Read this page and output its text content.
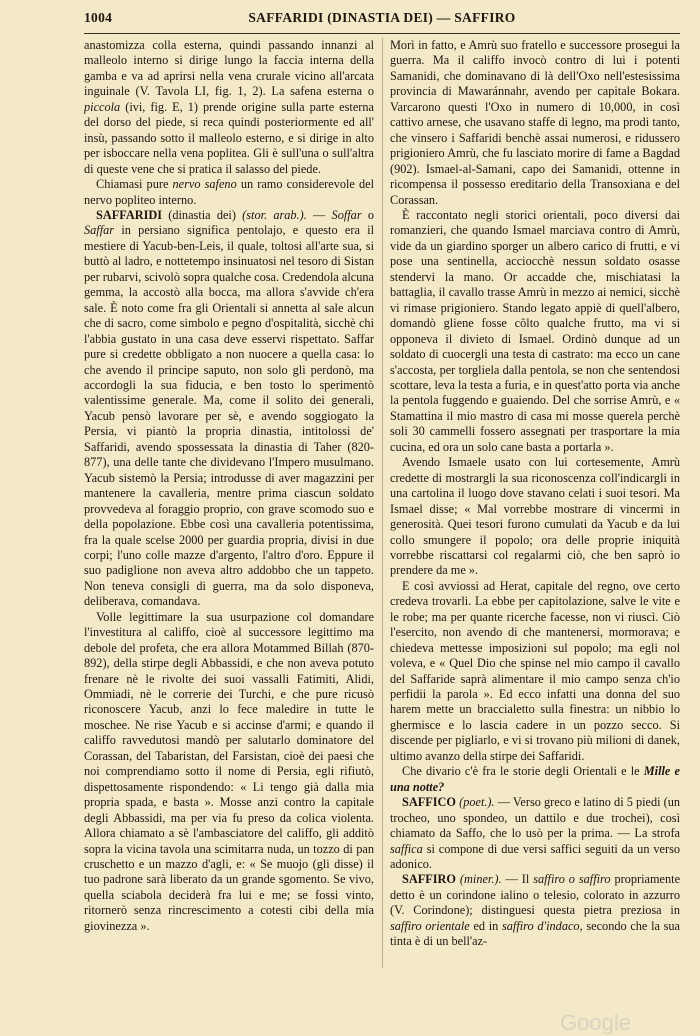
1004	SAFFARIDI (DINASTIA DEI) — SAFFIRO

anastomizza colla esterna, quindi passando innanzi al malleolo interno si dirige lungo la faccia interna della gamba e va ad aprirsi nella vena crurale vicino all'arcata inguinale (V. Tavola LI, fig. 1, 2). La safena esterna o piccola (ivi, fig. E, 1) prende origine sulla parte esterna del dorso del piede, si reca quindi posteriormente ed all' insù, passando sotto il malleolo esterno, e si dirige in alto per isboccare nella vena poplitea. Gli è sull'una o sull'altra di queste vene che si pratica il salasso del piede.

Chiamasi pure nervo safeno un ramo considerevole del nervo popliteo interno.

SAFFARIDI (dinastia dei) (stor. arab.). — Soffar o Saffar in persiano significa pentolajo, e questo era il mestiere di Yacub-ben-Leis, il quale, toltosi all'arte sua, si buttò al ladro, e nottetempo insinuatosi nel tesoro di Sistan per rubarvi, scivolò sopra qualche cosa. Credendola alcuna gemma, la accostò alla bocca, ma allora s'avvide ch'era sale. È noto come fra gli Orientali si annetta al sale alcun che di sacro, come simbolo e pegno d'ospitalità, sicchè chi l'abbia gustato in una casa deve esservi rispettato. Saffar pure si credette obbligato a non nuocere a quella casa: lo che avendo il principe saputo, non solo gli perdonò, ma accordogli la sua fiducia, e ben tosto lo sperimentò valentissime generale. Ma, come il solito dei generali, Yacub pensò lavorare per sè, e avendo soggiogato la Persia, vi piantò la propria dinastia, intitolossi de' Saffaridi, avendo spossessata la dinastia di Taher (820-877), una delle tante che dividevano l'Impero musulmano. Yacub sistemò la Persia; introdusse di aver magazzini per mantenere la cavalleria, mentre prima ciascun soldato provvedeva al foraggio proprio, con grave scomodo suo e della popolazione. Ebbe così una cavalleria potentissima, fra la quale scelse 2000 per guardia propria, divisi in due corpi; l'uno colle mazze d'argento, l'altro d'oro. Eppure il suo padiglione non aveva altro addobbo che un tappeto. Non teneva consigli di guerra, ma da solo disponeva, deliberava, comandava.

Volle legittimare la sua usurpazione col domandare l'investitura al califfo, cioè al successore legittimo ma debole del profeta, che era allora Motammed Billah (870-892), della stirpe degli Abbassidi, e che non aveva potuto frenare nè le rivolte dei suoi vassalli Fatimiti, Alidi, Ommiadi, nè le correrie dei Turchi, e che pure ricusò riconoscere Yacub, anzi lo fece maledire in tutte le moschee. Ne rise Yacub e si accinse d'armi; e quando il califfo ravvedutosi mandò per salutarlo dominatore del Corassan, del Tabaristan, del Farsistan, cioè dei paesi che noi comprendiamo sotto il nome di Persia, egli rifiutò, dispettosamente rispondendo: « Li tengo già dalla mia propria spada, e basta ». Mosse anzi contro la capitale degli Abbassidi, ma per via fu preso da colica violenta. Allora chiamato a sè l'ambasciatore del califfo, gli additò sopra la vicina tavola una scimitarra nuda, un tozzo di pan cruschetto e un mazzo d'agli, e: « Se muojo (gli disse) il tuo padrone sarà liberato da un grande sgomento. Se vivo, quella sciabola deciderà fra lui e me; se fossi vinto, ritornerò senza rincrescimento a cotesti cibi della mia giovinezza ».

Morì in fatto, e Amrù suo fratello e successore prosegui la guerra. Ma il califfo invocò contro di lui i potenti Samanidi, che dominavano di là dell'Oxo nell'estesissima provincia di Mawaránnahr, avendo per capitale Bokara. Varcarono questi l'Oxo in numero di 10,000, in così cattivo arnese, che usavano staffe di legno, ma prodi tanto, che vinsero i Saffaridi benchè assai numerosi, e ridussero prigioniero Amrù, che fu lasciato morire di fame a Bagdad (902). Ismael-al-Samani, capo dei Samanidi, ottenne in ricompensa il possesso ereditario della Transoxiana e del Corassan.

È raccontato negli storici orientali, poco diversi dai romanzieri, che quando Ismael marciava contro di Amrù, vide da un giardino sporger un albero carico di frutti, e vi pose una sentinella, acciocchè nessun soldato osasse stendervi la mano. Or accadde che, mischiatasi la battaglia, il cavallo trasse Amrù in mezzo ai nemici, sicchè vi rimase prigioniero. Stando legato appiè di quell'albero, domandò gliene fosse côlto qualche frutto, ma vi si opponeva il divieto di Ismael. Ordinò dunque ad un soldato di cuocergli una testa di castrato: ma ecco un cane s'accosta, per torgliela dalla pentola, se non che sentendosi scottare, leva la testa a furia, e in quest'atto porta via anche la pentola fuggendo e guaiendo. Del che sorrise Amrù, e « Stamattina il mio mastro di casa mi mosse querela perchè soli 30 cammelli fossero assegnati per trasportare la mia cucina, ed ora un solo cane basta a portarla ».

Avendo Ismaele usato con lui cortesemente, Amrù credette di mostrargli la sua riconoscenza coll'indicargli in una cartolina il luogo dove stavano celati i suoi tesori. Ma Ismael disse; « Mal vorrebbe mostrare di vincermi in generosità. Quei tesori furono cumulati da Yacub e da lui collo smungere il popolo; ora delle proprie iniquità vorrebbe riscattarsi col regalarmi ciò, che ben saprò io prendere da me ».

E così avviossi ad Herat, capitale del regno, ove certo credeva trovarli. La ebbe per capitolazione, salve le vite e le robe; ma per quante ricerche facesse, non vi riuscì. Ciò l'esercito, non avendo di che mantenersi, mormorava; e chiedeva mettesse imposizioni sul popolo; ma egli nol voleva, e « Quel Dio che spinse nel mio campo il cavallo del Saffaride saprà alimentare il mio campo senza ch'io perfidii la parola ». Ed ecco infatti una donna del suo harem mette un braccialetto sulla finestra: un nibbio lo ghermisce e lo lascia cadere in un pozzo secco. Si discende per pigliarlo, e vi si trovano più milioni di danek, ultimo avanzo della stirpe dei Saffaridi.

Che divario c'è fra le storie degli Orientali e le Mille e una notte?

SAFFICO (poet.). — Verso greco e latino di 5 piedi (un trocheo, uno spondeo, un dattilo e due trochei), così chiamato da Saffo, che lo usò per la prima. — La strofa saffica si compone di due versi saffici seguiti da un verso adonico.

SAFFIRO (miner.). — Il saffiro o saffiro propriamente detto è un corindone ialino o telesio, colorato in azzurro (V. Corindone); distinguesi questa pietra preziosa in saffiro orientale ed in saffiro d'indaco, secondo che la sua tinta è di un bell'az-

Google
